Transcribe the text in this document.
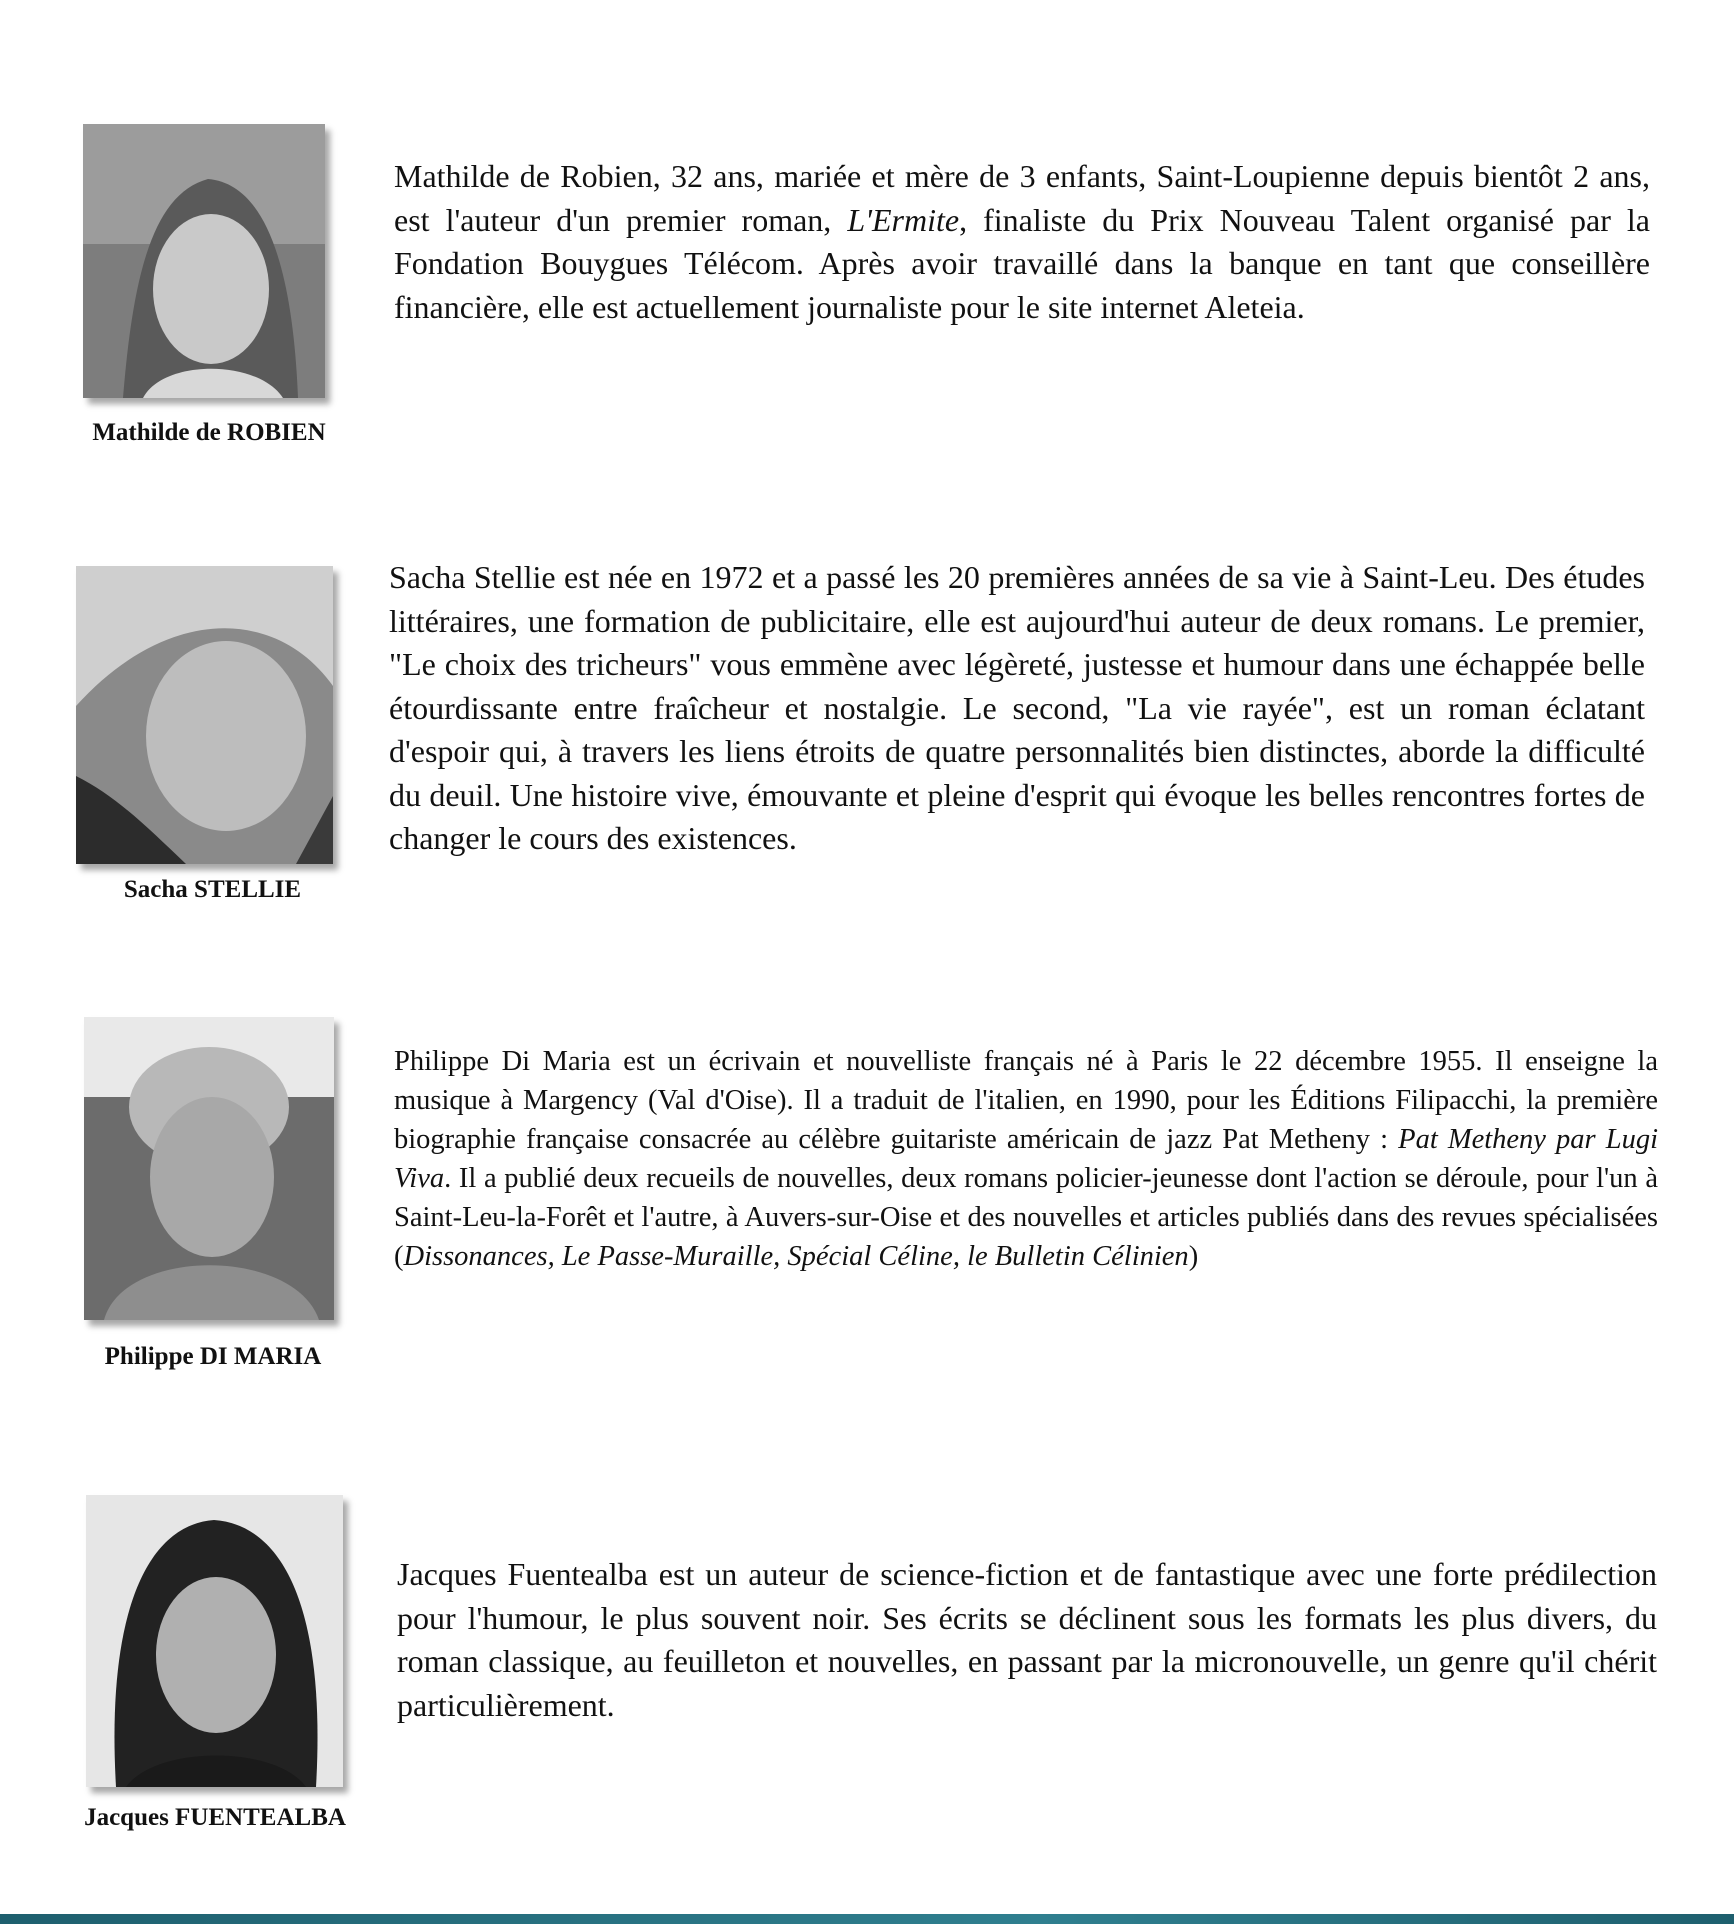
Mathilde de ROBIEN

Mathilde de Robien, 32 ans, mariée et mère de 3 enfants, Saint-Loupienne depuis bientôt 2 ans, est l'auteur d'un premier roman, L'Ermite, finaliste du Prix Nouveau Talent organisé par la Fondation Bouygues Télécom. Après avoir travaillé dans la banque en tant que conseillère financière, elle est actuellement journaliste pour le site internet Aleteia.

Sacha STELLIE

Sacha Stellie est née en 1972 et a passé les 20 premières années de sa vie à Saint-Leu. Des études littéraires, une formation de publicitaire, elle est aujourd'hui auteur de deux romans. Le premier, "Le choix des tricheurs" vous emmène avec légèreté, justesse et humour dans une échappée belle étourdissante entre fraîcheur et nostalgie. Le second, "La vie rayée", est un roman éclatant d'espoir qui, à travers les liens étroits de quatre personnalités bien distinctes, aborde la difficulté du deuil. Une histoire vive, émouvante et pleine d'esprit qui évoque les belles rencontres fortes de changer le cours des existences.

Philippe DI MARIA

Philippe Di Maria est un écrivain et nouvelliste français né à Paris le 22 décembre 1955. Il enseigne la musique à Margency (Val d'Oise). Il a traduit de l'italien, en 1990, pour les Éditions Filipacchi, la première biographie française consacrée au célèbre guitariste américain de jazz Pat Metheny : Pat Metheny par Lugi Viva. Il a publié deux recueils de nouvelles, deux romans policier-jeunesse dont l'action se déroule, pour l'un à Saint-Leu-la-Forêt et l'autre, à Auvers-sur-Oise et des nouvelles et articles publiés dans des revues spécialisées (Dissonances, Le Passe-Muraille, Spécial Céline, le Bulletin Célinien)

Jacques FUENTEALBA

Jacques Fuentealba est un auteur de science-fiction et de fantastique avec une forte prédilection pour l'humour, le plus souvent noir. Ses écrits se déclinent sous les formats les plus divers, du roman classique, au feuilleton et nouvelles, en passant par la micronouvelle, un genre qu'il chérit particulièrement.
